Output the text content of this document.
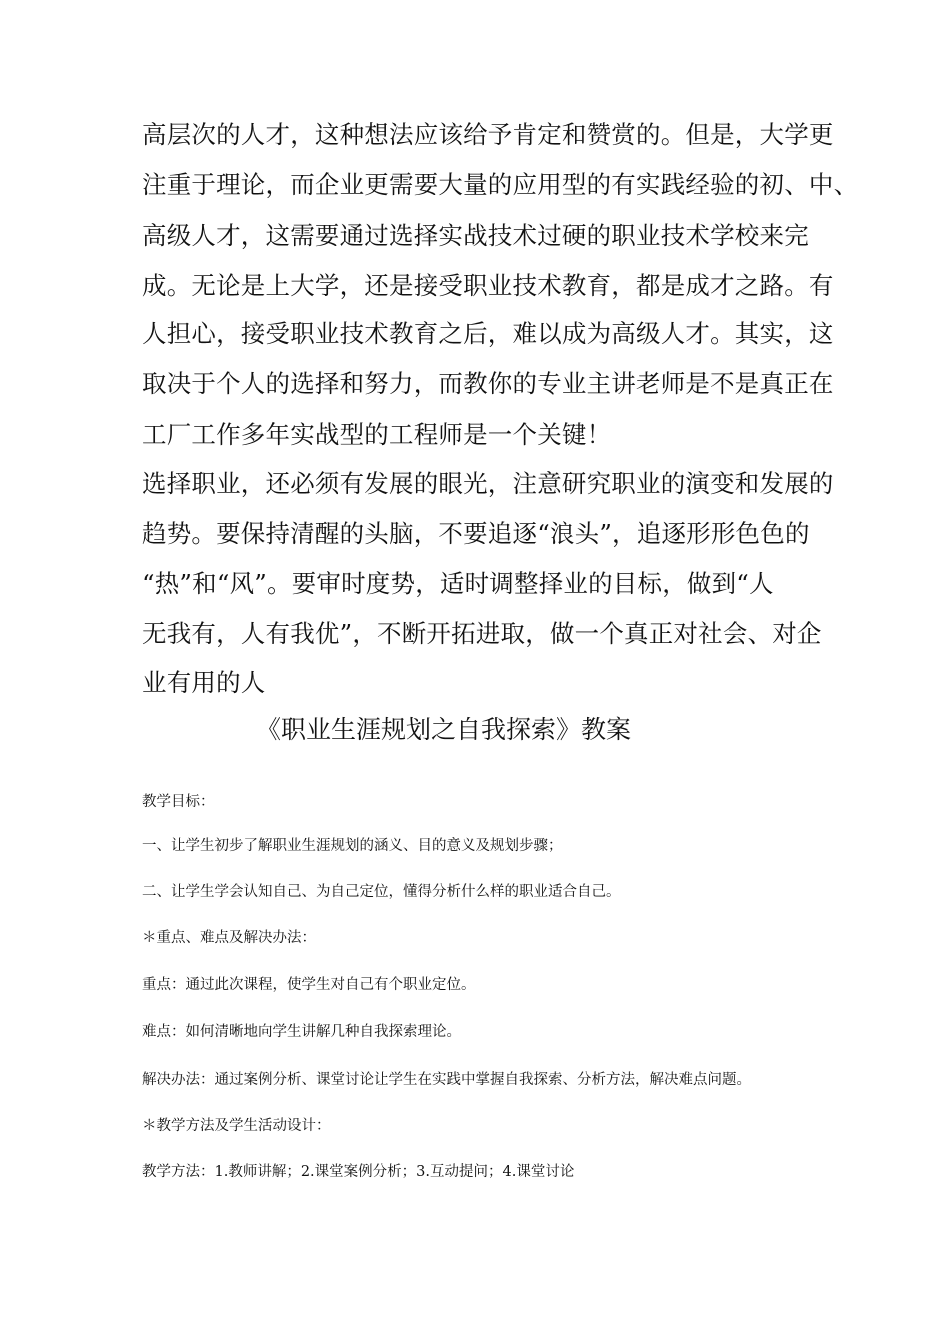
高层次的人才，这种想法应该给予肯定和赞赏的。但是，大学更
注重于理论，而企业更需要大量的应用型的有实践经验的初、中、
高级人才，这需要通过选择实战技术过硬的职业技术学校来完
成。无论是上大学，还是接受职业技术教育，都是成才之路。有
人担心，接受职业技术教育之后，难以成为高级人才。其实，这
取决于个人的选择和努力，而教你的专业主讲老师是不是真正在
工厂工作多年实战型的工程师是一个关键！
选择职业，还必须有发展的眼光，注意研究职业的演变和发展的
趋势。要保持清醒的头脑，不要追逐“浪头”，追逐形形色色的
“热”和“风”。要审时度势，适时调整择业的目标，做到“人
无我有，人有我优”，不断开拓进取，做一个真正对社会、对企
业有用的人
《职业生涯规划之自我探索》教案
教学目标：
一、让学生初步了解职业生涯规划的涵义、目的意义及规划步骤；
二、让学生学会认知自己、为自己定位，懂得分析什么样的职业适合自己。
＊重点、难点及解决办法：
重点：通过此次课程，使学生对自己有个职业定位。
难点：如何清晰地向学生讲解几种自我探索理论。
解决办法：通过案例分析、课堂讨论让学生在实践中掌握自我探索、分析方法，解决难点问题。
＊教学方法及学生活动设计：
教学方法：1.教师讲解；2.课堂案例分析；3.互动提问；4.课堂讨论
